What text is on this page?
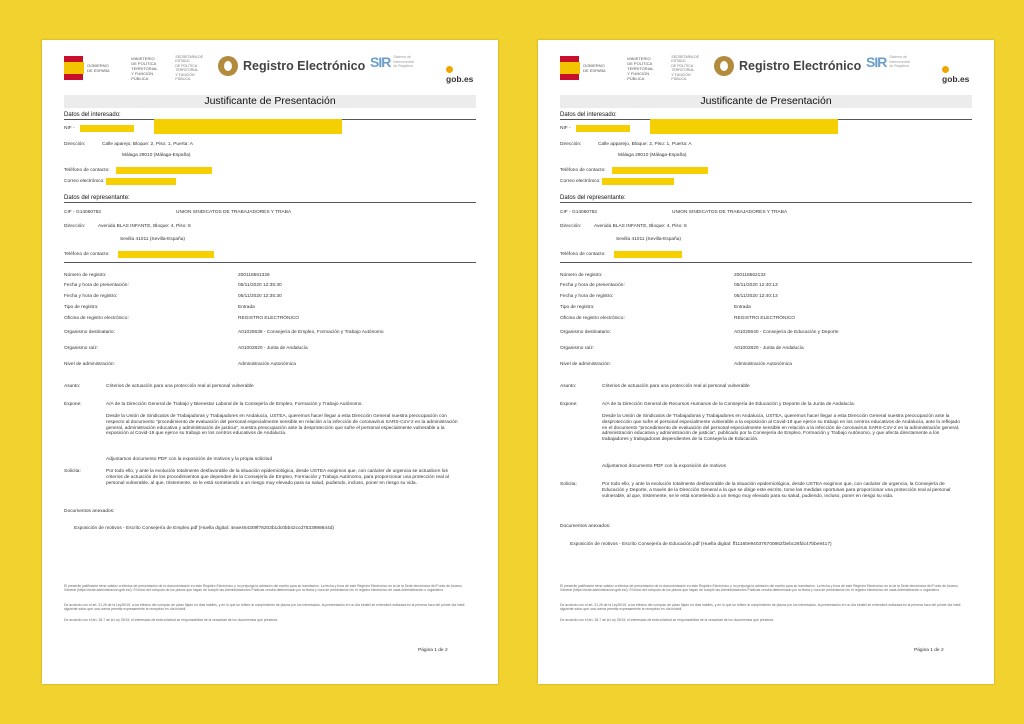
GOBIERNO
DE ESPAÑA
MINISTERIO
DE POLÍTICA TERRITORIAL
Y FUNCIÓN PÚBLICA
SECRETARÍA DE ESTADO
DE POLÍTICA TERRITORIAL
Y FUNCIÓN PÚBLICA
Registro Electrónico SIR Sistema de
Interconexión
de Registros
gob.es
Justificante de Presentación
Datos del interesado:
NIF -
Dirección:	Calle aparejo, Bloque: 2, Piso: 1, Puerta: A
Málaga 29010 (Málaga-España)
Teléfono de contacto:
Correo electrónico:
Datos del representante:
CIF - G14060782	UNION SINDICATOS DE TRABAJADORES Y TRABA
Dirección:	Avenida BLAS INFANTE, Bloque: 4, Piso: 8
Sevilla 41011 (Sevilla-España)
Teléfono de contacto:
Número de registro:	200118561326
Fecha y hora de presentación:	05/11/2020 12:35:30
Fecha y hora de registro:	05/11/2020 12:35:30
Tipo de registro:	Entrada
Oficina de registro electrónico:	REGISTRO ELECTRÓNICO
Organismo destinatario:	A01025638 - Consejería de Empleo, Formación y Trabajo Autónomo
Organismo raíz:	A01002820 - Junta de Andalucía
Nivel de administración:	Administración Autonómica
Asunto:	Criterios de actuación para una protección real al personal vulnerable
Expone:	A/A de la Dirección General de Trabajo y Bienestar Laboral de la Consejería de Empleo, Formación y Trabajo Autónomo.
Desde la Unión de Sindicatos de Trabajadoras y Trabajadores en Andalucía, USTEA, queremos hacer llegar a esta Dirección General nuestra preocupación con respecto al documento "procedimiento de evaluación del personal especialmente sensible en relación a la infección de coronavirus SARS-CoV-2 en la administración general, administración educativa y administración de justicia", nuestra preocupación ante la desprotección que sufre el personal especialmente vulnerable a la exposición al Covid-19 que ejerce su trabajo en los centros educativos de Andalucía.
Adjuntamos documento PDF con la exposición de motivos y la propia solicitud
Solicita:	Por todo ello, y ante la evolución totalmente desfavorable de la situación epidemiológica, desde USTEA exigimos que, con carácter de urgencia se actualicen los criterios de actuación de los procedimientos que dependen de la Consejería de Empleo, Formación y Trabajo Autónomo, para proporcionar una protección real al personal vulnerable, al que, tristemente, se le está sometiendo a un riesgo muy elevado para su salud, pudiendo, incluso, poner en riesgo su vida.
Documentos anexados:
Exposición de motivos - Escrito Consejería de Empleo.pdf (Huella digital: 4eae464309f78203b1dc0bb42ccd7533998644d)
El presente justificante tiene validez a efectos de presentación de la documentación en este Registro Electrónico y no prejuzga la admisión del escrito para su tramitación. La fecha y hora de este Registro Electrónico es la de la Sede electrónica del Punto de Acceso General (https://sede.administracion.gob.es/). El inicio del cómputo de los plazos que hayan de cumplir las Administraciones Públicas vendrá determinado por la fecha y hora de presentación en el registro electrónico de cada Administración u organismo.
De acuerdo con el art. 31.2b de la Ley39/15, a los efectos del cómputo de plazo fijado en días hábiles, y en lo que se refiere al cumplimiento de plazos por los interesados, la presentación en un día inhábil se entenderá realizada en la primera hora del primer día hábil siguiente salvo que una norma permita expresamente la recepción en día inhábil.
De acuerdo con el Art. 28.7 de la Ley 39/15, el interesado de esta solicitud se responsabiliza de la veracidad de los documentos que presenta.
Página 1 de 2
GOBIERNO
DE ESPAÑA
MINISTERIO
DE POLÍTICA TERRITORIAL
Y FUNCIÓN PÚBLICA
SECRETARÍA DE ESTADO
DE POLÍTICA TERRITORIAL
Y FUNCIÓN PÚBLICA
Registro Electrónico SIR Sistema de
Interconexión
de Registros
gob.es
Justificante de Presentación
Datos del interesado:
NIF -
Dirección:	Calle apparejo, Bloque: 2, Piso: 1, Puerta: A
Málaga 29010 (Málaga-España)
Teléfono de contacto:
Correo electrónico:
Datos del representante:
CIF - G14060782	UNION SINDICATOS DE TRABAJADORES Y TRABA
Dirección:	Avenida BLAS INFANTE, Bloque: 4, Piso: 8
Sevilla 41011 (Sevilla-España)
Teléfono de contacto:
Número de registro:	200118562132
Fecha y hora de presentación:	05/11/2020 12:40:13
Fecha y hora de registro:	05/11/2020 12:40:13
Tipo de registro:	Entrada
Oficina de registro electrónico:	REGISTRO ELECTRÓNICO
Organismo destinatario:	A01025640 - Consejería de Educación y Deporte
Organismo raíz:	A01002820 - Junta de Andalucía
Nivel de administración:	Administración Autonómica
Asunto:	Criterios de actuación para una protección real al personal vulnerable
Expone:	A/A de la Dirección General de Recursos Humanos de la Consejería de Educación y Deporte de la Junta de Andalucía.
Desde la Unión de Sindicatos de Trabajadoras y Trabajadores en Andalucía, USTEA, queremos hacer llegar a esta Dirección General nuestra preocupación ante la desprotección que sufre el personal especialmente vulnerable a la exposición al Covid-19 que ejerce su trabajo en los centros educativos de Andalucía, ante lo reflejado en el documento "procedimiento de evaluación del personal especialmente sensible en relación a la infección de coronavirus SARS-CoV-2 en la administración general, administración educativa y administración de justicia", publicado por la Consejería de Empleo, Formación y Trabajo Autónomo, y que afecta directamente a los trabajadores y trabajadoras dependientes de la Consejería de Educación.
Adjuntamos documento PDF con la exposición de motivos
Solicita:	Por todo ello, y ante la evolución totalmente desfavorable de la situación epidemiológica, desde USTEA exigimos que, con carácter de urgencia, la Consejería de Educación y Deporte, a través de la Dirección General a la que se dirige este escrito, tome las medidas oportunas para proporcionar una protección real al personal vulnerable, al que, tristemente, se le está sometiendo a un riesgo muy elevado para su salud, pudiendo, incluso, poner en riesgo su vida.
Documentos anexados:
Exposición de motivos - Escrito Consejería de Educación.pdf (Huella digital: ff11160e940376700862f3ebc26fdc47bbe9417)
El presente justificante tiene validez a efectos de presentación de la documentación en este Registro Electrónico y no prejuzga la admisión del escrito para su tramitación. La fecha y hora de este Registro Electrónico es la de la Sede electrónica del Punto de Acceso General (https://sede.administracion.gob.es/). El inicio del cómputo de los plazos que hayan de cumplir las Administraciones Públicas vendrá determinado por la fecha y hora de presentación en el registro electrónico de cada Administración u organismo.
De acuerdo con el art. 31.2b de la Ley39/15, a los efectos del cómputo de plazo fijado en días hábiles, y en lo que se refiere al cumplimiento de plazos por los interesados, la presentación en un día inhábil se entenderá realizada en la primera hora del primer día hábil siguiente salvo que una norma permita expresamente la recepción en día inhábil.
De acuerdo con el Art. 28.7 de la Ley 39/15, el interesado de esta solicitud se responsabiliza de la veracidad de los documentos que presenta.
Página 1 de 2
